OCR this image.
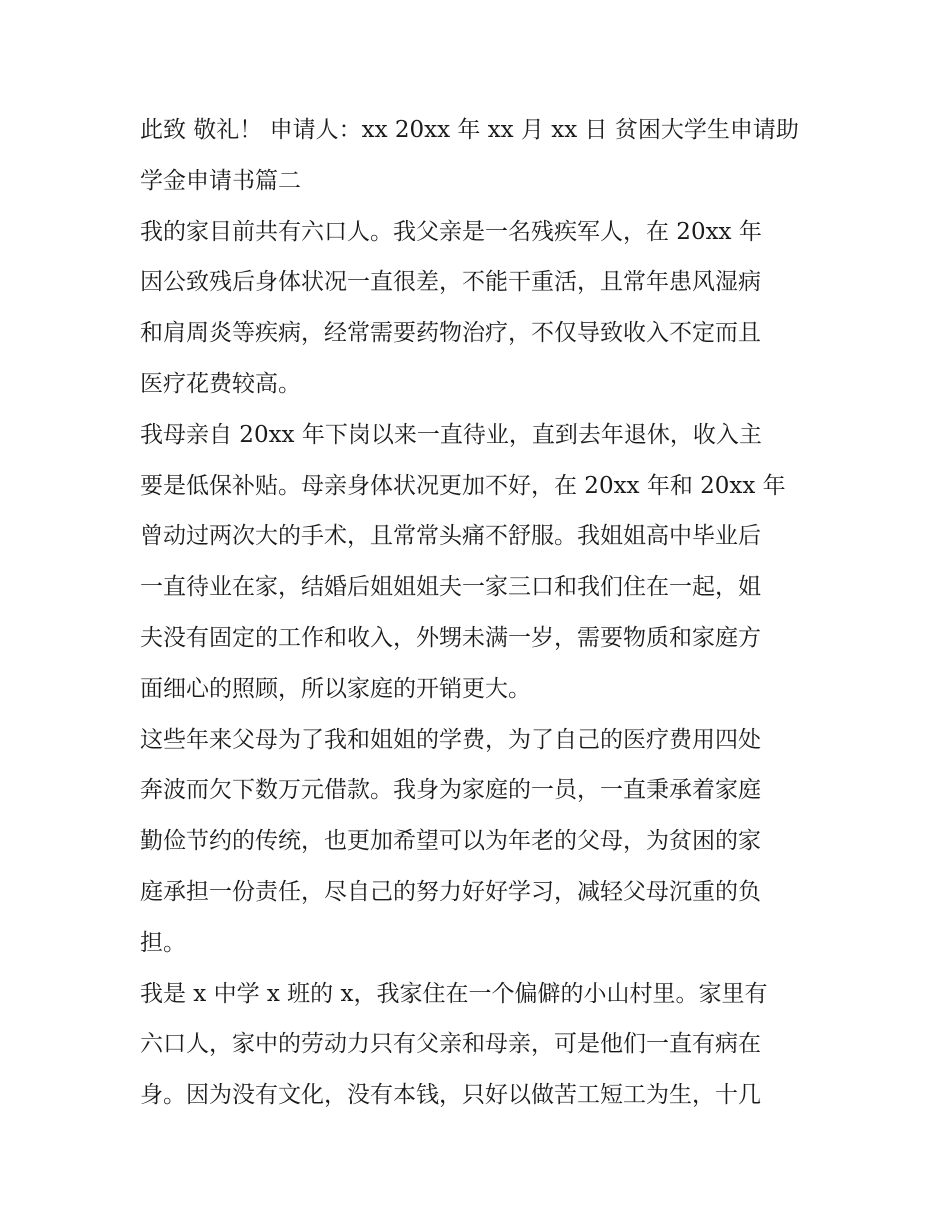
此致 敬礼！ 申请人：xx 20xx 年 xx 月 xx 日 贫困大学生申请助
学金申请书篇二
我的家目前共有六口人。我父亲是一名残疾军人，在 20xx 年
因公致残后身体状况一直很差，不能干重活，且常年患风湿病
和肩周炎等疾病，经常需要药物治疗，不仅导致收入不定而且
医疗花费较高。
我母亲自 20xx 年下岗以来一直待业，直到去年退休，收入主
要是低保补贴。母亲身体状况更加不好，在 20xx 年和 20xx 年
曾动过两次大的手术，且常常头痛不舒服。我姐姐高中毕业后
一直待业在家，结婚后姐姐姐夫一家三口和我们住在一起，姐
夫没有固定的工作和收入，外甥未满一岁，需要物质和家庭方
面细心的照顾，所以家庭的开销更大。
这些年来父母为了我和姐姐的学费，为了自己的医疗费用四处
奔波而欠下数万元借款。我身为家庭的一员，一直秉承着家庭
勤俭节约的传统，也更加希望可以为年老的父母，为贫困的家
庭承担一份责任，尽自己的努力好好学习，减轻父母沉重的负
担。
我是 x 中学 x 班的 x，我家住在一个偏僻的小山村里。家里有
六口人，家中的劳动力只有父亲和母亲，可是他们一直有病在
身。因为没有文化，没有本钱，只好以做苦工短工为生，十几
